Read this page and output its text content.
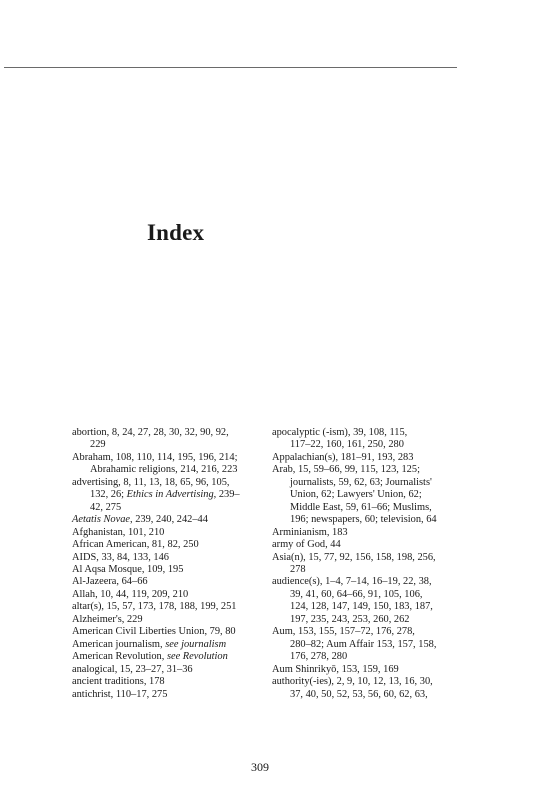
Index
abortion, 8, 24, 27, 28, 30, 32, 90, 92,
229
Abraham, 108, 110, 114, 195, 196, 214;
Abrahamic religions, 214, 216, 223
advertising, 8, 11, 13, 18, 65, 96, 105,
132, 26; Ethics in Advertising, 239–
42, 275
Aetatis Novae, 239, 240, 242–44
Afghanistan, 101, 210
African American, 81, 82, 250
AIDS, 33, 84, 133, 146
Al Aqsa Mosque, 109, 195
Al-Jazeera, 64–66
Allah, 10, 44, 119, 209, 210
altar(s), 15, 57, 173, 178, 188, 199, 251
Alzheimer's, 229
American Civil Liberties Union, 79, 80
American journalism, see journalism
American Revolution, see Revolution
analogical, 15, 23–27, 31–36
ancient traditions, 178
antichrist, 110–17, 275
apocalyptic (-ism), 39, 108, 115,
117–22, 160, 161, 250, 280
Appalachian(s), 181–91, 193, 283
Arab, 15, 59–66, 99, 115, 123, 125;
journalists, 59, 62, 63; Journalists'
Union, 62; Lawyers' Union, 62;
Middle East, 59, 61–66; Muslims,
196; newspapers, 60; television, 64
Arminianism, 183
army of God, 44
Asia(n), 15, 77, 92, 156, 158, 198, 256,
278
audience(s), 1–4, 7–14, 16–19, 22, 38,
39, 41, 60, 64–66, 91, 105, 106,
124, 128, 147, 149, 150, 183, 187,
197, 235, 243, 253, 260, 262
Aum, 153, 155, 157–72, 176, 278,
280–82; Aum Affair 153, 157, 158,
176, 278, 280
Aum Shinrikyō, 153, 159, 169
authority(-ies), 2, 9, 10, 12, 13, 16, 30,
37, 40, 50, 52, 53, 56, 60, 62, 63,
309
